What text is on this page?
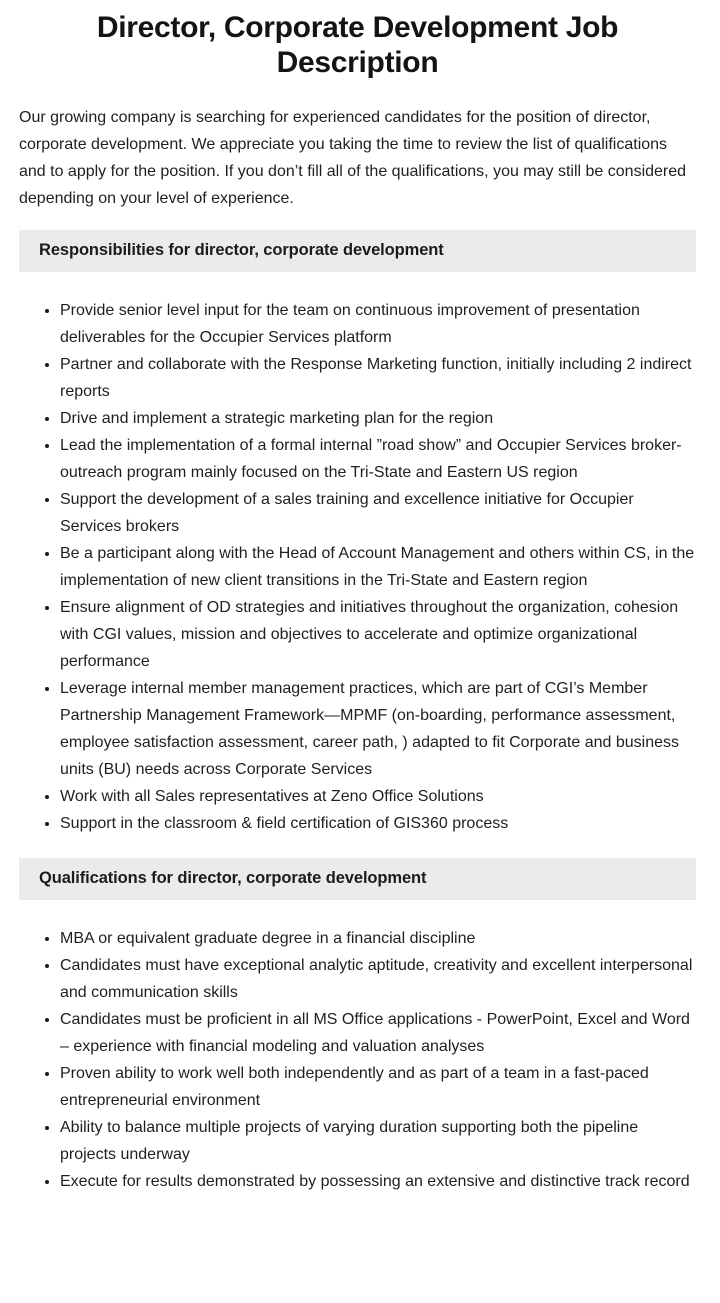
Director, Corporate Development Job Description

Our growing company is searching for experienced candidates for the position of director, corporate development. We appreciate you taking the time to review the list of qualifications and to apply for the position. If you don’t fill all of the qualifications, you may still be considered depending on your level of experience.

Responsibilities for director, corporate development
• Provide senior level input for the team on continuous improvement of presentation deliverables for the Occupier Services platform
• Partner and collaborate with the Response Marketing function, initially including 2 indirect reports
• Drive and implement a strategic marketing plan for the region
• Lead the implementation of a formal internal ”road show” and Occupier Services broker-outreach program mainly focused on the Tri-State and Eastern US region
• Support the development of a sales training and excellence initiative for Occupier Services brokers
• Be a participant along with the Head of Account Management and others within CS, in the implementation of new client transitions in the Tri-State and Eastern region
• Ensure alignment of OD strategies and initiatives throughout the organization, cohesion with CGI values, mission and objectives to accelerate and optimize organizational performance
• Leverage internal member management practices, which are part of CGI’s Member Partnership Management Framework—MPMF (on-boarding, performance assessment, employee satisfaction assessment, career path, ) adapted to fit Corporate and business units (BU) needs across Corporate Services
• Work with all Sales representatives at Zeno Office Solutions
• Support in the classroom & field certification of GIS360 process
Qualifications for director, corporate development
• MBA or equivalent graduate degree in a financial discipline
• Candidates must have exceptional analytic aptitude, creativity and excellent interpersonal and communication skills
• Candidates must be proficient in all MS Office applications - PowerPoint, Excel and Word – experience with financial modeling and valuation analyses
• Proven ability to work well both independently and as part of a team in a fast-paced entrepreneurial environment
• Ability to balance multiple projects of varying duration supporting both the pipeline projects underway
• Execute for results demonstrated by possessing an extensive and distinctive track record
